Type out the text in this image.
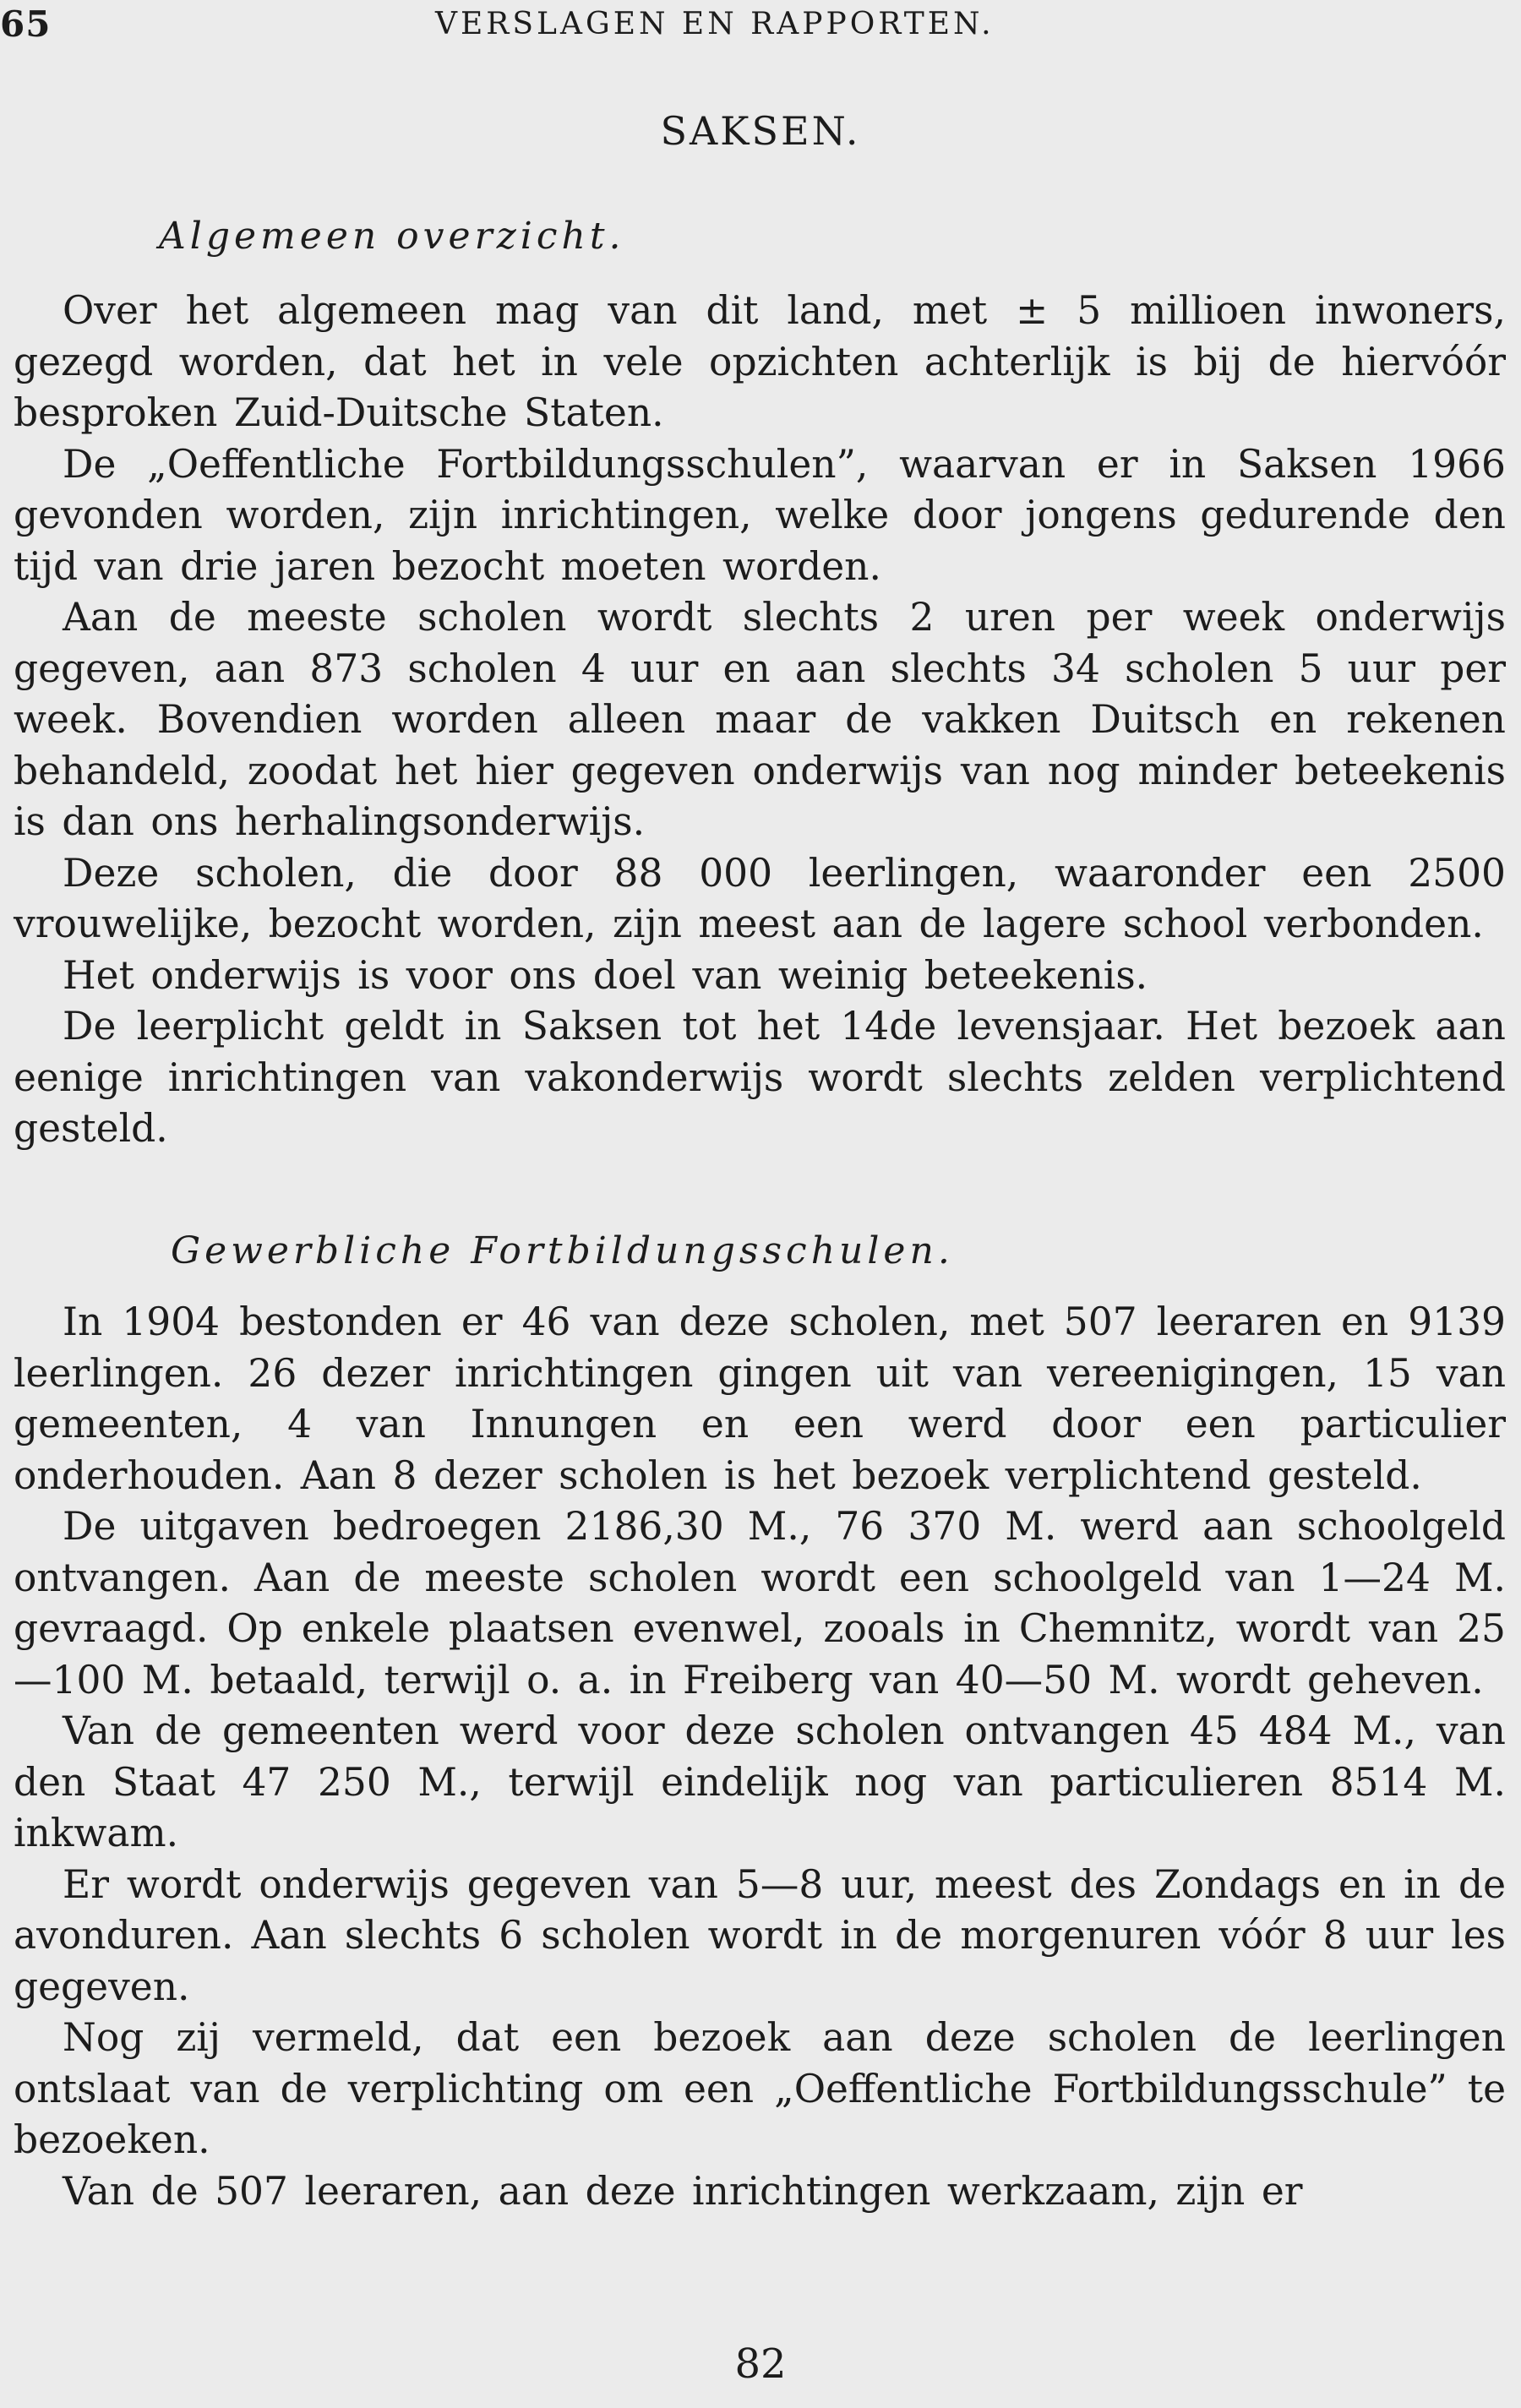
65	VERSLAGEN EN RAPPORTEN.
SAKSEN.
Algemeen overzicht.

Over het algemeen mag van dit land, met ± 5 millioen inwoners, gezegd worden, dat het in vele opzichten achterlijk is bij de hiervóór besproken Zuid-Duitsche Staten.

De „Oeffentliche Fortbildungsschulen”, waarvan er in Saksen 1966 gevonden worden, zijn inrichtingen, welke door jongens gedurende den tijd van drie jaren bezocht moeten worden.

Aan de meeste scholen wordt slechts 2 uren per week onderwijs gegeven, aan 873 scholen 4 uur en aan slechts 34 scholen 5 uur per week. Bovendien worden alleen maar de vakken Duitsch en rekenen behandeld, zoodat het hier gegeven onderwijs van nog minder beteekenis is dan ons herhalingsonderwijs.

Deze scholen, die door 88 000 leerlingen, waaronder een 2500 vrouwelijke, bezocht worden, zijn meest aan de lagere school verbonden.

Het onderwijs is voor ons doel van weinig beteekenis.

De leerplicht geldt in Saksen tot het 14de levensjaar. Het bezoek aan eenige inrichtingen van vakonderwijs wordt slechts zelden verplichtend gesteld.

Gewerbliche Fortbildungsschulen.

In 1904 bestonden er 46 van deze scholen, met 507 leeraren en 9139 leerlingen. 26 dezer inrichtingen gingen uit van vereenigingen, 15 van gemeenten, 4 van Innungen en een werd door een particulier onderhouden. Aan 8 dezer scholen is het bezoek verplichtend gesteld.

De uitgaven bedroegen 2186,30 M., 76 370 M. werd aan schoolgeld ontvangen. Aan de meeste scholen wordt een schoolgeld van 1—24 M. gevraagd. Op enkele plaatsen evenwel, zooals in Chemnitz, wordt van 25—100 M. betaald, terwijl o. a. in Freiberg van 40—50 M. wordt geheven.

Van de gemeenten werd voor deze scholen ontvangen 45 484 M., van den Staat 47 250 M., terwijl eindelijk nog van particulieren 8514 M. inkwam.

Er wordt onderwijs gegeven van 5—8 uur, meest des Zondags en in de avonduren. Aan slechts 6 scholen wordt in de morgenuren vóór 8 uur les gegeven.

Nog zij vermeld, dat een bezoek aan deze scholen de leerlingen ontslaat van de verplichting om een „Oeffentliche Fortbildungsschule” te bezoeken.

Van de 507 leeraren, aan deze inrichtingen werkzaam, zijn er

82
